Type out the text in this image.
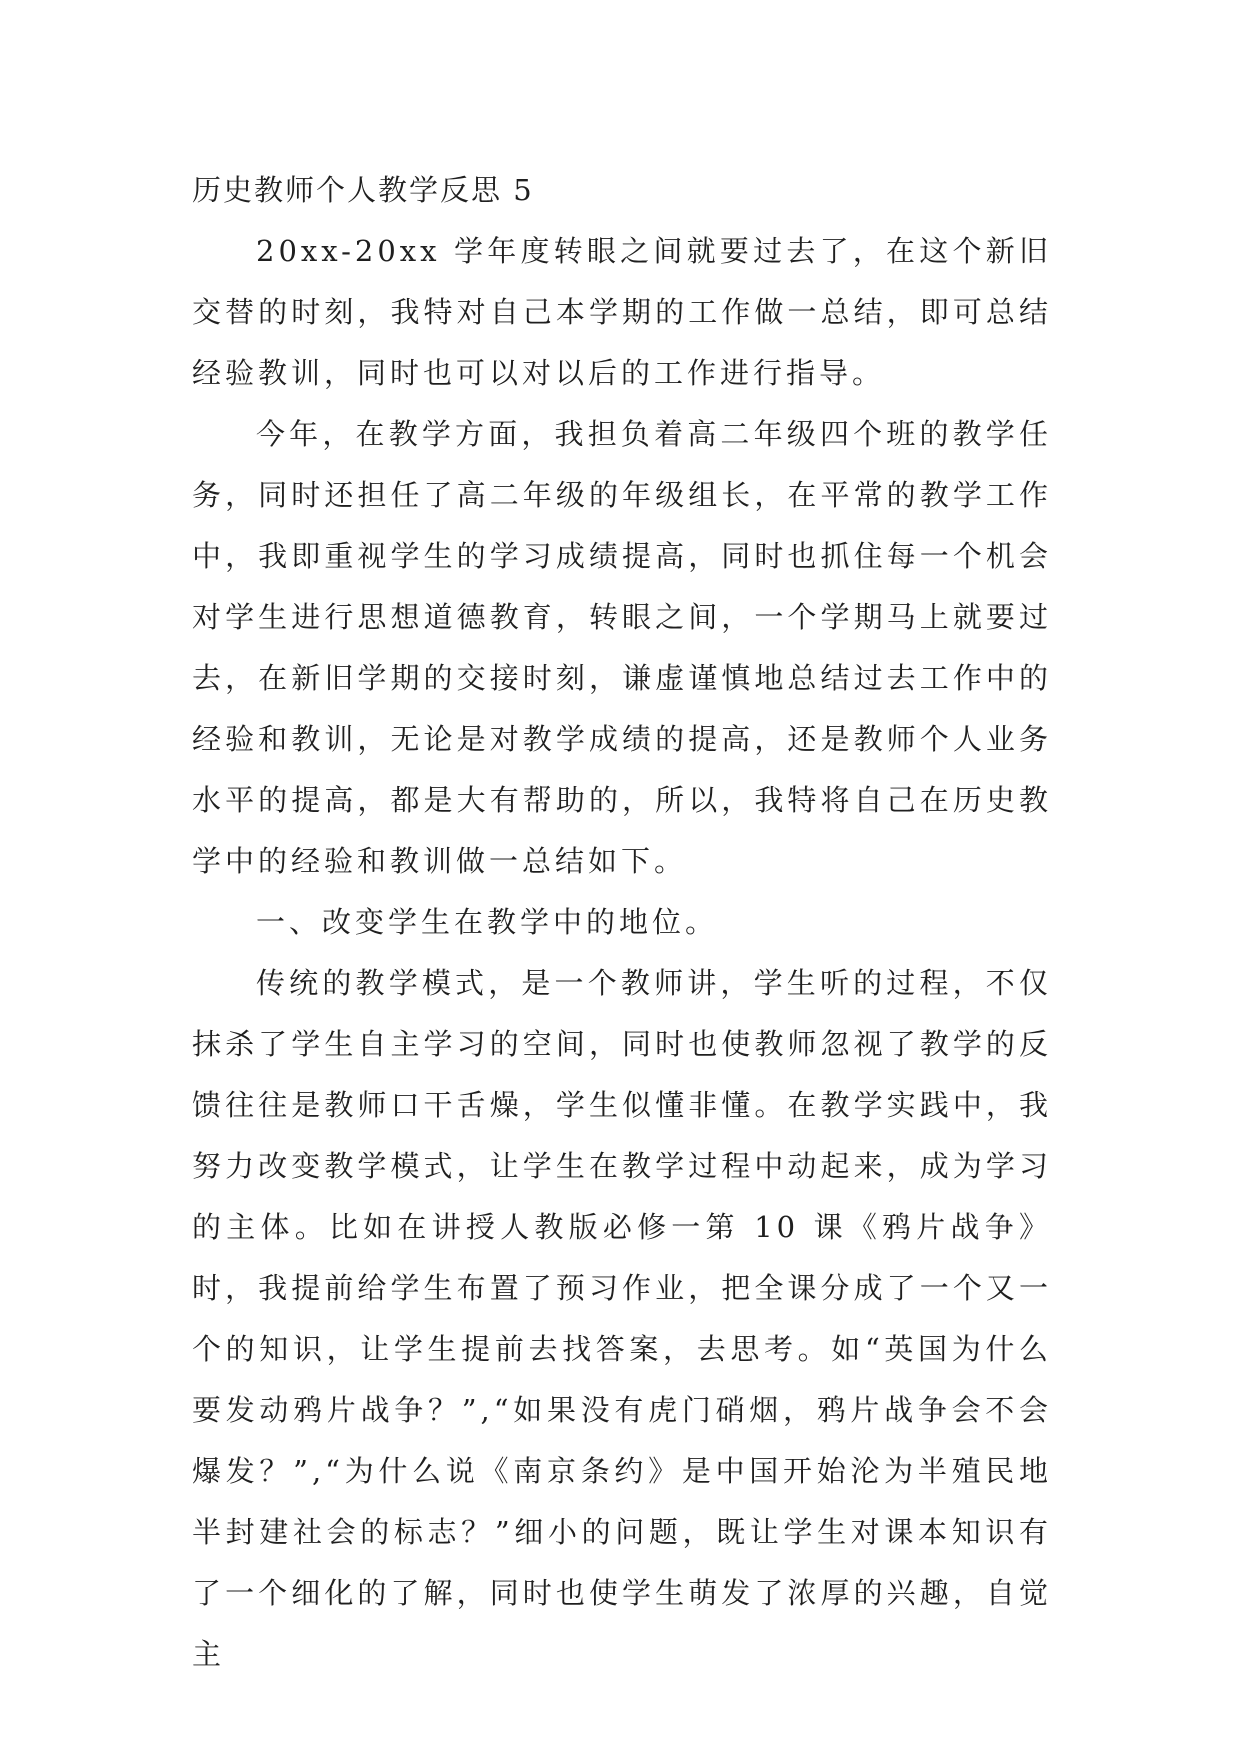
历史教师个人教学反思 5

20xx-20xx 学年度转眼之间就要过去了，在这个新旧交替的时刻，我特对自己本学期的工作做一总结，即可总结经验教训，同时也可以对以后的工作进行指导。

今年，在教学方面，我担负着高二年级四个班的教学任务，同时还担任了高二年级的年级组长，在平常的教学工作中，我即重视学生的学习成绩提高，同时也抓住每一个机会对学生进行思想道德教育，转眼之间，一个学期马上就要过去，在新旧学期的交接时刻，谦虚谨慎地总结过去工作中的经验和教训，无论是对教学成绩的提高，还是教师个人业务水平的提高，都是大有帮助的，所以，我特将自己在历史教学中的经验和教训做一总结如下。

一、改变学生在教学中的地位。

传统的教学模式，是一个教师讲，学生听的过程，不仅抹杀了学生自主学习的空间，同时也使教师忽视了教学的反馈往往是教师口干舌燥，学生似懂非懂。在教学实践中，我努力改变教学模式，让学生在教学过程中动起来，成为学习的主体。比如在讲授人教版必修一第 10 课《鸦片战争》时，我提前给学生布置了预习作业，把全课分成了一个又一个的知识，让学生提前去找答案，去思考。如“英国为什么要发动鸦片战争？”,“如果没有虎门硝烟，鸦片战争会不会爆发？”,“为什么说《南京条约》是中国开始沦为半殖民地半封建社会的标志？”细小的问题，既让学生对课本知识有了一个细化的了解，同时也使学生萌发了浓厚的兴趣，自觉主
